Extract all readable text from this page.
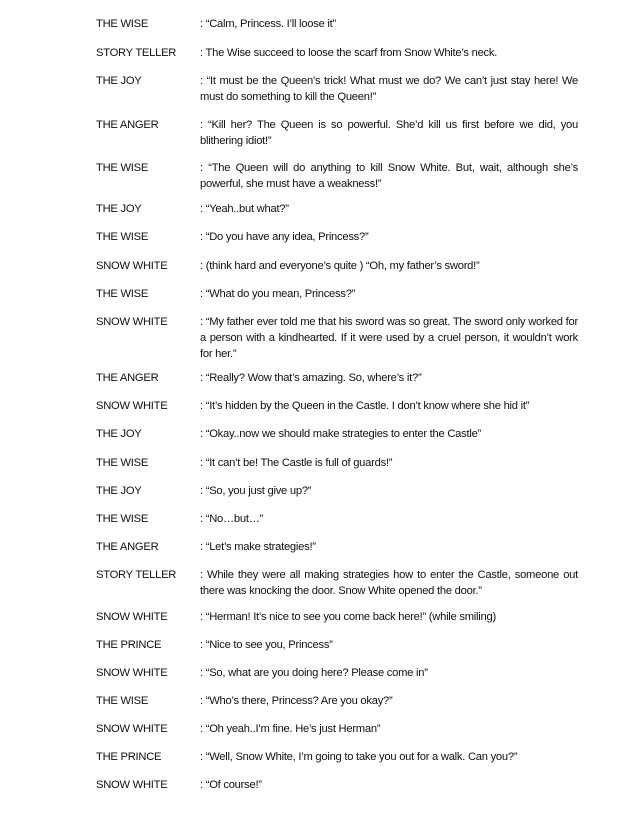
THE WISE	: “Calm, Princess. I’ll loose it”
STORY TELLER	: The Wise succeed to loose the scarf from Snow White’s neck.
THE JOY	: “It must be the Queen’s trick! What must we do? We can’t just stay here! We must do something to kill the Queen!”
THE ANGER	: “Kill her? The Queen is so powerful. She’d kill us first before we did, you blithering idiot!”
THE WISE	: “The Queen will do anything to kill Snow White. But, wait, although she’s powerful, she must have a weakness!”
THE JOY	: “Yeah..but what?”
THE WISE	: “Do you have any idea, Princess?”
SNOW WHITE	: (think hard and everyone’s quite ) “Oh, my father’s sword!”
THE WISE	: “What do you mean, Princess?”
SNOW WHITE	: “My father ever told me that his sword was so great. The sword only worked for a person with a kindhearted. If it were used by a cruel person, it wouldn’t work for her.”
THE ANGER	: “Really? Wow that’s amazing. So, where’s it?”
SNOW WHITE	: “It’s hidden by the Queen in the Castle. I don’t know where she hid it”
THE JOY	: “Okay..now we should make strategies to enter the Castle”
THE WISE	: “It can’t be! The Castle is full of guards!”
THE JOY	: “So, you just give up?”
THE WISE	: “No…but…”
THE ANGER	: “Let’s make strategies!”
STORY TELLER	: While they were all making strategies how to enter the Castle, someone out there was knocking the door. Snow White opened the door.”
SNOW WHITE	: “Herman! It’s nice to see you come back here!” (while smiling)
THE PRINCE	: “Nice to see you, Princess”
SNOW WHITE	: “So, what are you doing here? Please come in”
THE WISE	: “Who’s there, Princess? Are you okay?”
SNOW WHITE	: “Oh yeah..I’m fine. He’s just Herman”
THE PRINCE	: “Well, Snow White, I’m going to take you out for a walk. Can you?”
SNOW WHITE	: “Of course!”
